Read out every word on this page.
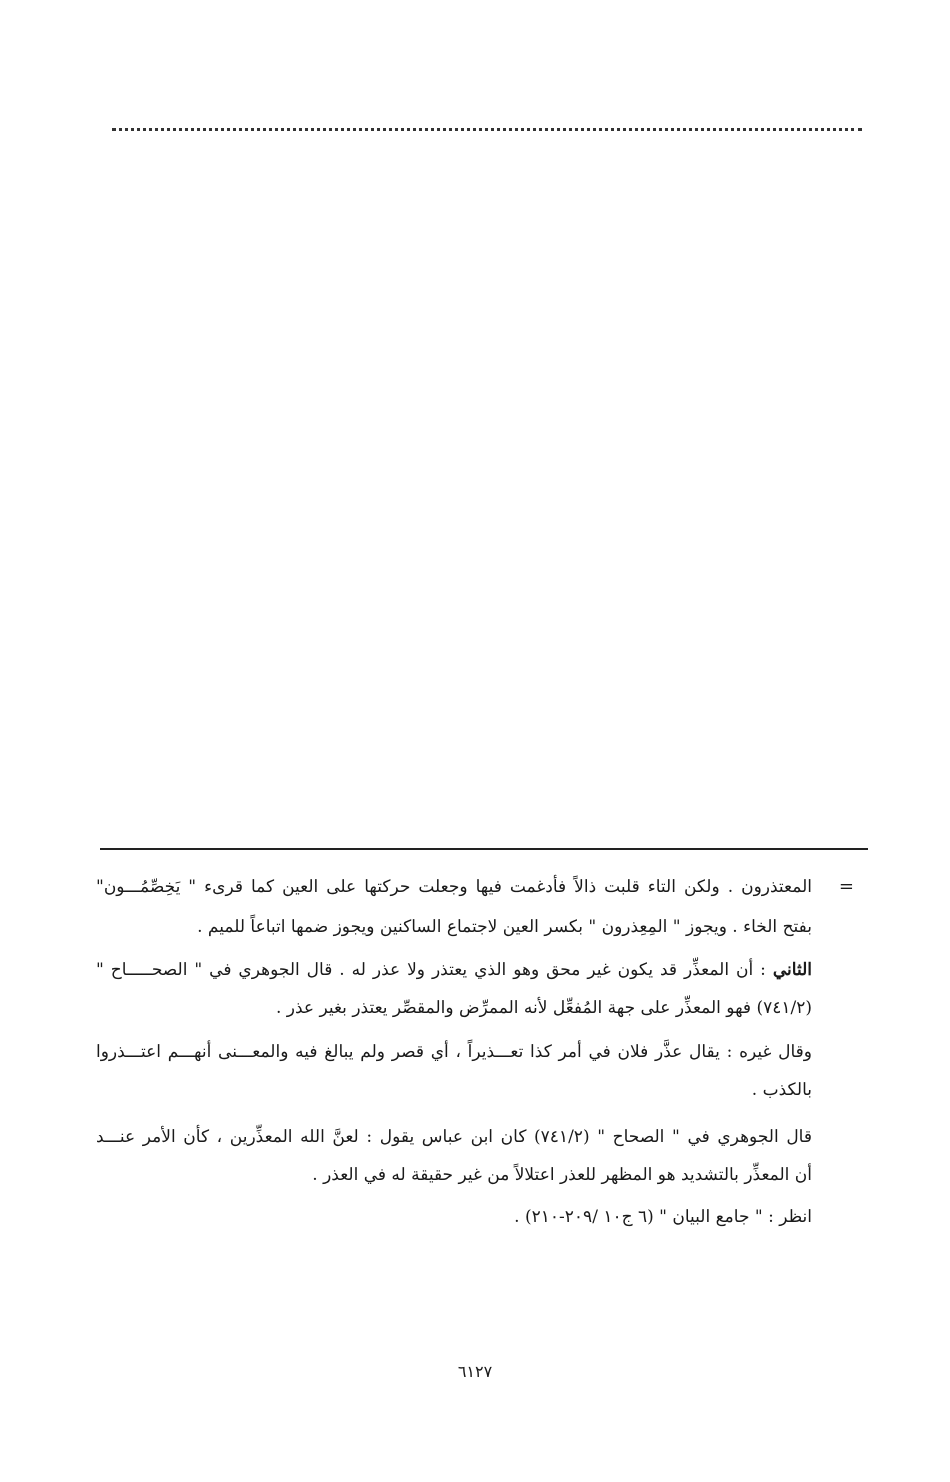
=
المعتذرون . ولكن التاء قلبت ذالاً فأدغمت فيها وجعلت حركتها على العين كما قرىء " يَخِصِّمُـــون"
بفتح الخاء . ويجوز " المِعِذرون " بكسر العين لاجتماع الساكنين ويجوز ضمها اتباعاً للميم .
الثاني : أن المعذِّر قد يكون غير محق وهو الذي يعتذر ولا عذر له . قال الجوهري في " الصحـــــاح "
(٧٤١/٢) فهو المعذِّر على جهة المُفعِّل لأنه الممرِّض والمقصِّر يعتذر بغير عذر .
وقال غيره : يقال عذَّر فلان في أمر كذا تعـــذيراً ، أي قصر ولم يبالغ فيه والمعـــنى أنهـــم اعتـــذروا
بالكذب .
قال الجوهري في " الصحاح " (٧٤١/٢) كان ابن عباس يقول : لعنَّ الله المعذِّرين ، كأن الأمر عنـــد
أن المعذِّر بالتشديد هو المظهر للعذر اعتلالاً من غير حقيقة له في العذر .
انظر : " جامع البيان " (٦ ج١٠ /٢٠٩-٢١٠) .
٦١٢٧
